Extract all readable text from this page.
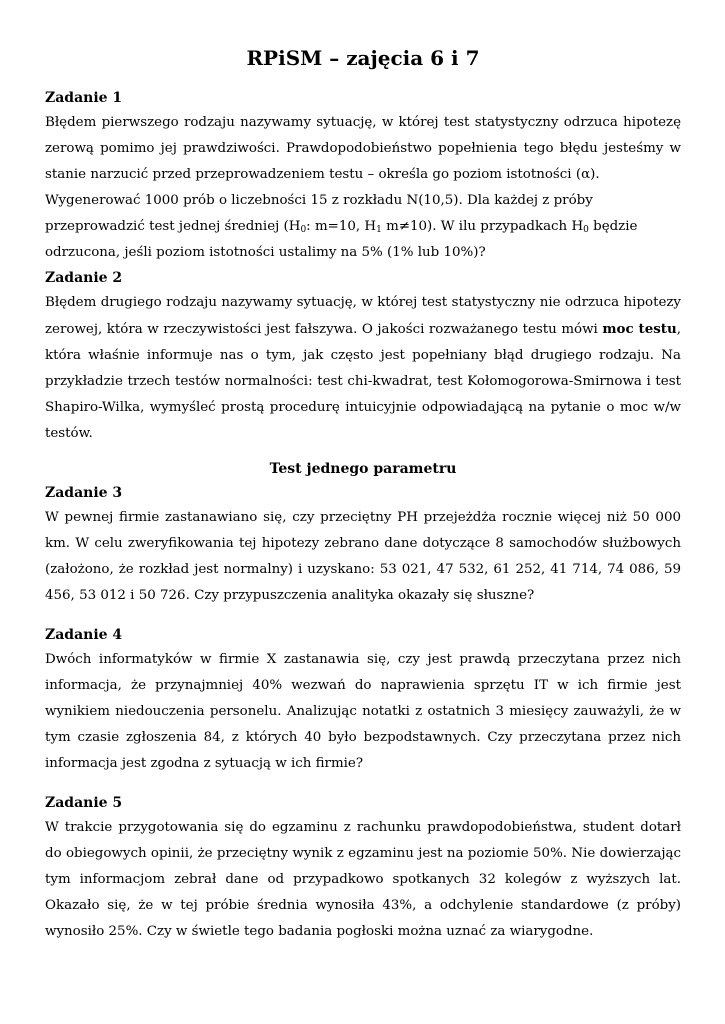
RPiSM – zajęcia 6 i 7

Zadanie 1

Błędem pierwszego rodzaju nazywamy sytuację, w której test statystyczny odrzuca hipotezę zerową pomimo jej prawdziwości. Prawdopodobieństwo popełnienia tego błędu jesteśmy w stanie narzucić przed przeprowadzeniem testu – określa go poziom istotności (α).

Wygenerować 1000 prób o liczebności 15 z rozkładu N(10,5). Dla każdej z próby przeprowadzić test jednej średniej ($H_0$: m=10, $H_1$ m≠10). W ilu przypadkach $H_0$ będzie odrzucona, jeśli poziom istotności ustalimy na 5% (1% lub 10%)?

Zadanie 2

Błędem drugiego rodzaju nazywamy sytuację, w której test statystyczny nie odrzuca hipotezy zerowej, która w rzeczywistości jest fałszywa. O jakości rozważanego testu mówi moc testu, która właśnie informuje nas o tym, jak często jest popełniany błąd drugiego rodzaju. Na przykładzie trzech testów normalności: test chi-kwadrat, test Kołomogorowa-Smirnowa i test Shapiro-Wilka, wymyśleć prostą procedurę intuicyjnie odpowiadającą na pytanie o moc w/w testów.

Test jednego parametru

Zadanie 3

W pewnej firmie zastanawiano się, czy przeciętny PH przejeżdża rocznie więcej niż 50 000 km. W celu zweryfikowania tej hipotezy zebrano dane dotyczące 8 samochodów służbowych (założono, że rozkład jest normalny) i uzyskano: 53 021, 47 532, 61 252, 41 714, 74 086, 59 456, 53 012 i 50 726. Czy przypuszczenia analityka okazały się słuszne?

Zadanie 4

Dwóch informatyków w firmie X zastanawia się, czy jest prawdą przeczytana przez nich informacja, że przynajmniej 40% wezwań do naprawienia sprzętu IT w ich firmie jest wynikiem niedouczenia personelu. Analizując notatki z ostatnich 3 miesięcy zauważyli, że w tym czasie zgłoszenia 84, z których 40 było bezpodstawnych. Czy przeczytana przez nich informacja jest zgodna z sytuacją w ich firmie?

Zadanie 5

W trakcie przygotowania się do egzaminu z rachunku prawdopodobieństwa, student dotarł do obiegowych opinii, że przeciętny wynik z egzaminu jest na poziomie 50%. Nie dowierzając tym informacjom zebrał dane od przypadkowo spotkanych 32 kolegów z wyższych lat. Okazało się, że w tej próbie średnia wynosiła 43%, a odchylenie standardowe (z próby) wynosiło 25%. Czy w świetle tego badania pogłoski można uznać za wiarygodne.
